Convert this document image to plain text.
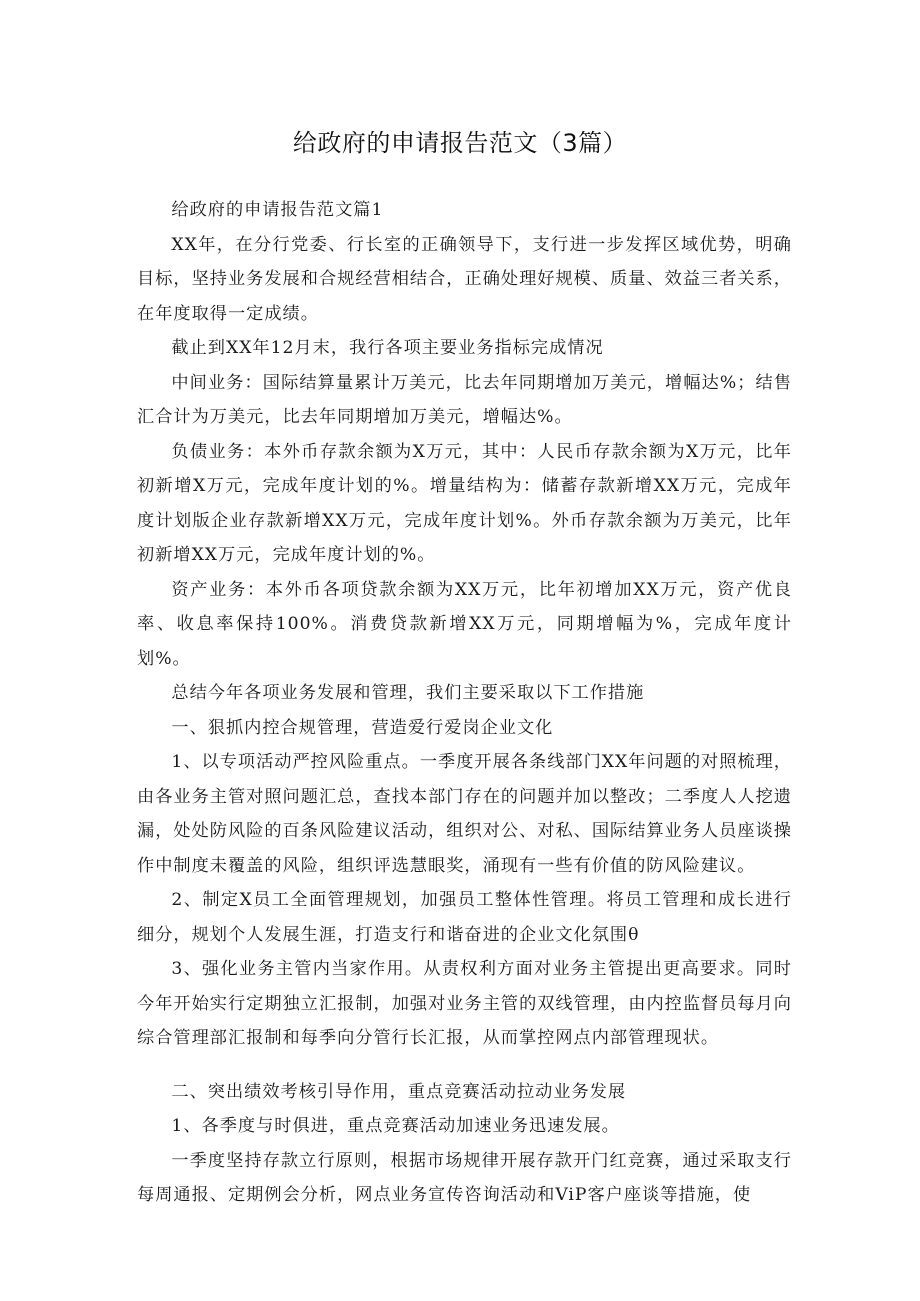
给政府的申请报告范文（3篇）

给政府的申请报告范文篇1

XX年，在分行党委、行长室的正确领导下，支行进一步发挥区域优势，明确目标，坚持业务发展和合规经营相结合，正确处理好规模、质量、效益三者关系，在年度取得一定成绩。

截止到XX年12月末，我行各项主要业务指标完成情况

中间业务：国际结算量累计万美元，比去年同期增加万美元，增幅达%；结售汇合计为万美元，比去年同期增加万美元，增幅达%。

负债业务：本外币存款余额为X万元，其中：人民币存款余额为X万元，比年初新增X万元，完成年度计划的%。增量结构为：储蓄存款新增XX万元，完成年度计划版企业存款新增XX万元，完成年度计划%。外币存款余额为万美元，比年初新增XX万元，完成年度计划的%。

资产业务：本外币各项贷款余额为XX万元，比年初增加XX万元，资产优良率、收息率保持100%。消费贷款新增XX万元，同期增幅为%，完成年度计划%。

总结今年各项业务发展和管理，我们主要采取以下工作措施

一、狠抓内控合规管理，营造爱行爱岗企业文化

1、以专项活动严控风险重点。一季度开展各条线部门XX年问题的对照梳理，由各业务主管对照问题汇总，查找本部门存在的问题并加以整改；二季度人人挖遗漏，处处防风险的百条风险建议活动，组织对公、对私、国际结算业务人员座谈操作中制度未覆盖的风险，组织评选慧眼奖，涌现有一些有价值的防风险建议。

2、制定X员工全面管理规划，加强员工整体性管理。将员工管理和成长进行细分，规划个人发展生涯，打造支行和谐奋进的企业文化氛围θ

3、强化业务主管内当家作用。从责权利方面对业务主管提出更高要求。同时今年开始实行定期独立汇报制，加强对业务主管的双线管理，由内控监督员每月向综合管理部汇报制和每季向分管行长汇报，从而掌控网点内部管理现状。

二、突出绩效考核引导作用，重点竞赛活动拉动业务发展

1、各季度与时俱进，重点竞赛活动加速业务迅速发展。

一季度坚持存款立行原则，根据市场规律开展存款开门红竞赛，通过采取支行每周通报、定期例会分析，网点业务宣传咨询活动和ViP客户座谈等措施，使
